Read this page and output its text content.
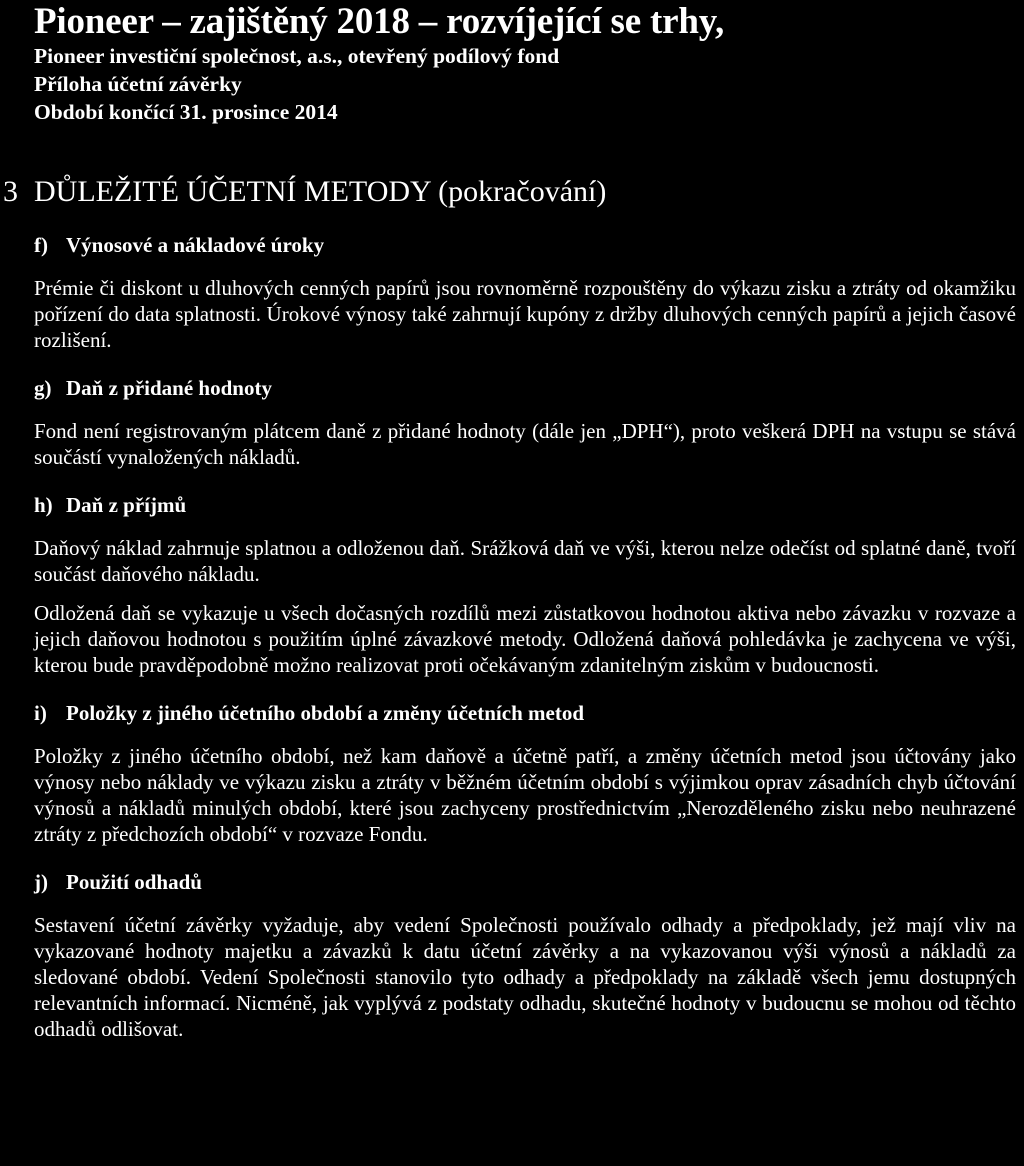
Pioneer – zajištěný 2018 – rozvíjející se trhy,
Pioneer investiční společnost, a.s., otevřený podílový fond
Příloha účetní závěrky
Období končící 31. prosince 2014
3 DŮLEŽITÉ ÚČETNÍ METODY (pokračování)
f) Výnosové a nákladové úroky

Prémie či diskont u dluhových cenných papírů jsou rovnoměrně rozpouštěny do výkazu zisku a ztráty od okamžiku pořízení do data splatnosti. Úrokové výnosy také zahrnují kupóny z držby dluhových cenných papírů a jejich časové rozlišení.

g) Daň z přidané hodnoty

Fond není registrovaným plátcem daně z přidané hodnoty (dále jen „DPH“), proto veškerá DPH na vstupu se stává součástí vynaložených nákladů.

h) Daň z příjmů

Daňový náklad zahrnuje splatnou a odloženou daň. Srážková daň ve výši, kterou nelze odečíst od splatné daně, tvoří součást daňového nákladu.

Odložená daň se vykazuje u všech dočasných rozdílů mezi zůstatkovou hodnotou aktiva nebo závazku v rozvaze a jejich daňovou hodnotou s použitím úplné závazkové metody. Odložená daňová pohledávka je zachycena ve výši, kterou bude pravděpodobně možno realizovat proti očekávaným zdanitelným ziskům v budoucnosti.

i) Položky z jiného účetního období a změny účetních metod

Položky z jiného účetního období, než kam daňově a účetně patří, a změny účetních metod jsou účtovány jako výnosy nebo náklady ve výkazu zisku a ztráty v běžném účetním období s výjimkou oprav zásadních chyb účtování výnosů a nákladů minulých období, které jsou zachyceny prostřednictvím „Nerozděleného zisku nebo neuhrazené ztráty z předchozích období“ v rozvaze Fondu.

j) Použití odhadů

Sestavení účetní závěrky vyžaduje, aby vedení Společnosti používalo odhady a předpoklady, jež mají vliv na vykazované hodnoty majetku a závazků k datu účetní závěrky a na vykazovanou výši výnosů a nákladů za sledované období. Vedení Společnosti stanovilo tyto odhady a předpoklady na základě všech jemu dostupných relevantních informací. Nicméně, jak vyplývá z podstaty odhadu, skutečné hodnoty v budoucnu se mohou od těchto odhadů odlišovat.
